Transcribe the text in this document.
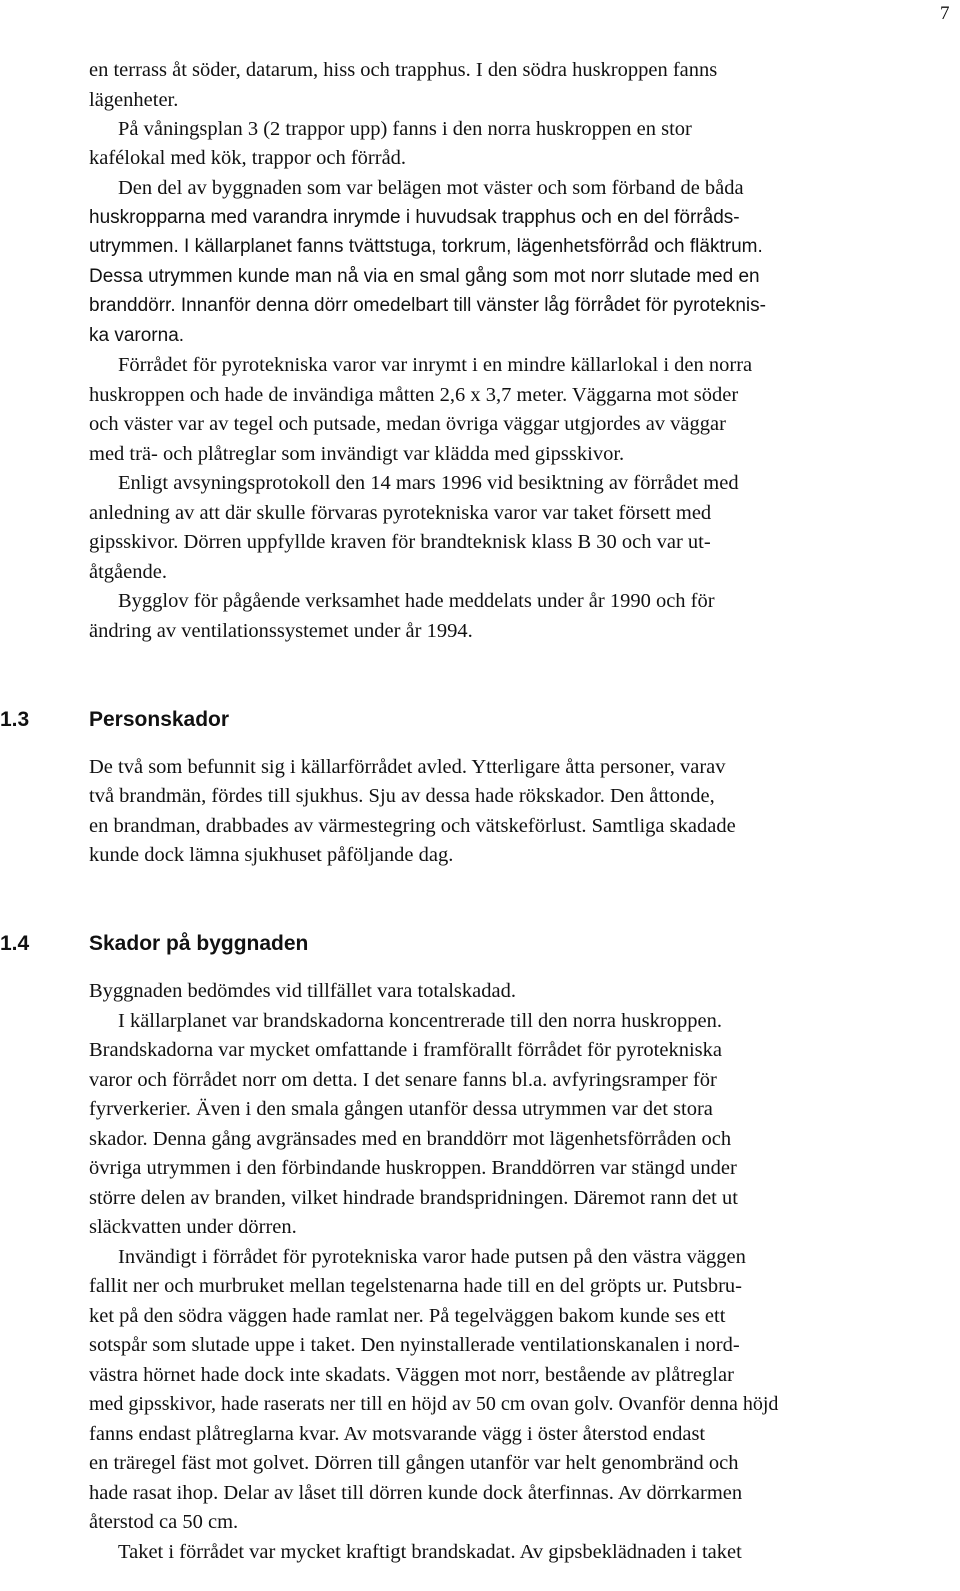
7
en terrass åt söder, datarum, hiss och trapphus. I den södra huskroppen fanns
lägenheter.
På våningsplan 3 (2 trappor upp) fanns i den norra huskroppen en stor
kafélokal med kök, trappor och förråd.
Den del av byggnaden som var belägen mot väster och som förband de båda
huskropparna med varandra inrymde i huvudsak trapphus och en del förråds-
utrymmen. I källarplanet fanns tvättstuga, torkrum, lägenhetsförråd och fläktrum.
Dessa utrymmen kunde man nå via en smal gång som mot norr slutade med en
branddörr. Innanför denna dörr omedelbart till vänster låg förrådet för pyroteknis-
ka varorna.
Förrådet för pyrotekniska varor var inrymt i en mindre källarlokal i den norra
huskroppen och hade de invändiga måtten 2,6 x 3,7 meter. Väggarna mot söder
och väster var av tegel och putsade, medan övriga väggar utgjordes av väggar
med trä- och plåtreglar som invändigt var klädda med gipsskivor.
Enligt avsyningsprotokoll den 14 mars 1996 vid besiktning av förrådet med
anledning av att där skulle förvaras pyrotekniska varor var taket försett med
gipsskivor. Dörren uppfyllde kraven för brandteknisk klass B 30 och var ut-
åtgående.
Bygglov för pågående verksamhet hade meddelats under år 1990 och för
ändring av ventilationssystemet under år 1994.
1.3	Personskador
De två som befunnit sig i källarförrådet avled. Ytterligare åtta personer, varav
två brandmän, fördes till sjukhus. Sju av dessa hade rökskador. Den åttonde,
en brandman, drabbades av värmestegring och vätskeförlust. Samtliga skadade
kunde dock lämna sjukhuset påföljande dag.
1.4	Skador på byggnaden
Byggnaden bedömdes vid tillfället vara totalskadad.
I källarplanet var brandskadorna koncentrerade till den norra huskroppen.
Brandskadorna var mycket omfattande i framförallt förrådet för pyrotekniska
varor och förrådet norr om detta. I det senare fanns bl.a. avfyringsramper för
fyrverkerier. Även i den smala gången utanför dessa utrymmen var det stora
skador. Denna gång avgränsades med en branddörr mot lägenhetsförråden och
övriga utrymmen i den förbindande huskroppen. Branddörren var stängd under
större delen av branden, vilket hindrade brandspridningen. Däremot rann det ut
släckvatten under dörren.
Invändigt i förrådet för pyrotekniska varor hade putsen på den västra väggen
fallit ner och murbruket mellan tegelstenarna hade till en del gröpts ur. Putsbru-
ket på den södra väggen hade ramlat ner. På tegelväggen bakom kunde ses ett
sotspår som slutade uppe i taket. Den nyinstallerade ventilationskanalen i nord-
västra hörnet hade dock inte skadats. Väggen mot norr, bestående av plåtreglar
med gipsskivor, hade raserats ner till en höjd av 50 cm ovan golv. Ovanför denna höjd
fanns endast plåtreglarna kvar. Av motsvarande vägg i öster återstod endast
en träregel fäst mot golvet. Dörren till gången utanför var helt genombränd och
hade rasat ihop. Delar av låset till dörren kunde dock återfinnas. Av dörrkarmen
återstod ca 50 cm.
Taket i förrådet var mycket kraftigt brandskadat. Av gipsbeklädnaden i taket
